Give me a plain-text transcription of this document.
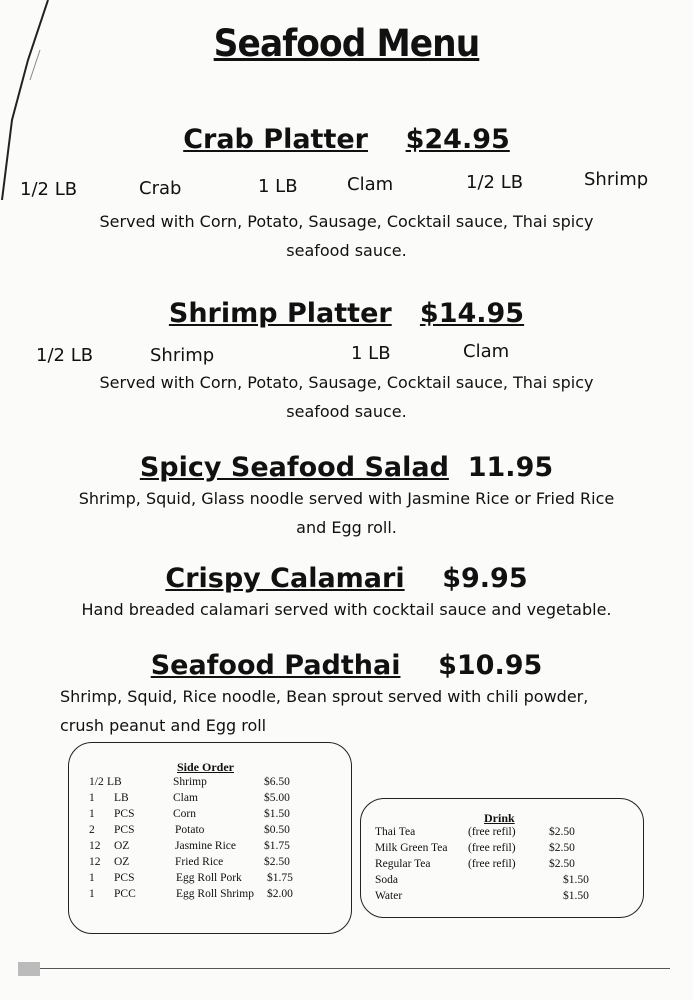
Seafood Menu
Crab Platter $24.95
1/2 LB	Crab	1 LB	Clam	1/2 LB	Shrimp
Served with Corn, Potato, Sausage, Cocktail sauce, Thai spicy
seafood sauce.
Shrimp Platter $14.95
1/2 LB	Shrimp	1 LB	Clam
Served with Corn, Potato, Sausage, Cocktail sauce, Thai spicy
seafood sauce.
Spicy Seafood Salad 11.95
Shrimp, Squid, Glass noodle served with Jasmine Rice or Fried Rice
and Egg roll.
Crispy Calamari $9.95
Hand breaded calamari served with cocktail sauce and vegetable.
Seafood Padthai $10.95
Shrimp, Squid, Rice noodle, Bean sprout served with chili powder,
crush peanut and Egg roll
Side Order
1/2 LB	Shrimp	$6.50
1 LB	Clam	$5.00
1 PCS	Corn	$1.50
2 PCS	Potato	$0.50
12 OZ	Jasmine Rice $1.75
12 OZ	Fried Rice	$2.50
1 PCS	Egg Roll Pork $1.75
1 PCC	Egg Roll Shrimp $2.00
Drink
Thai Tea	(free refil)	$2.50
Milk Green Tea (free refil)	$2.50
Regular Tea	(free refil)	$2.50
Soda	$1.50
Water	$1.50
